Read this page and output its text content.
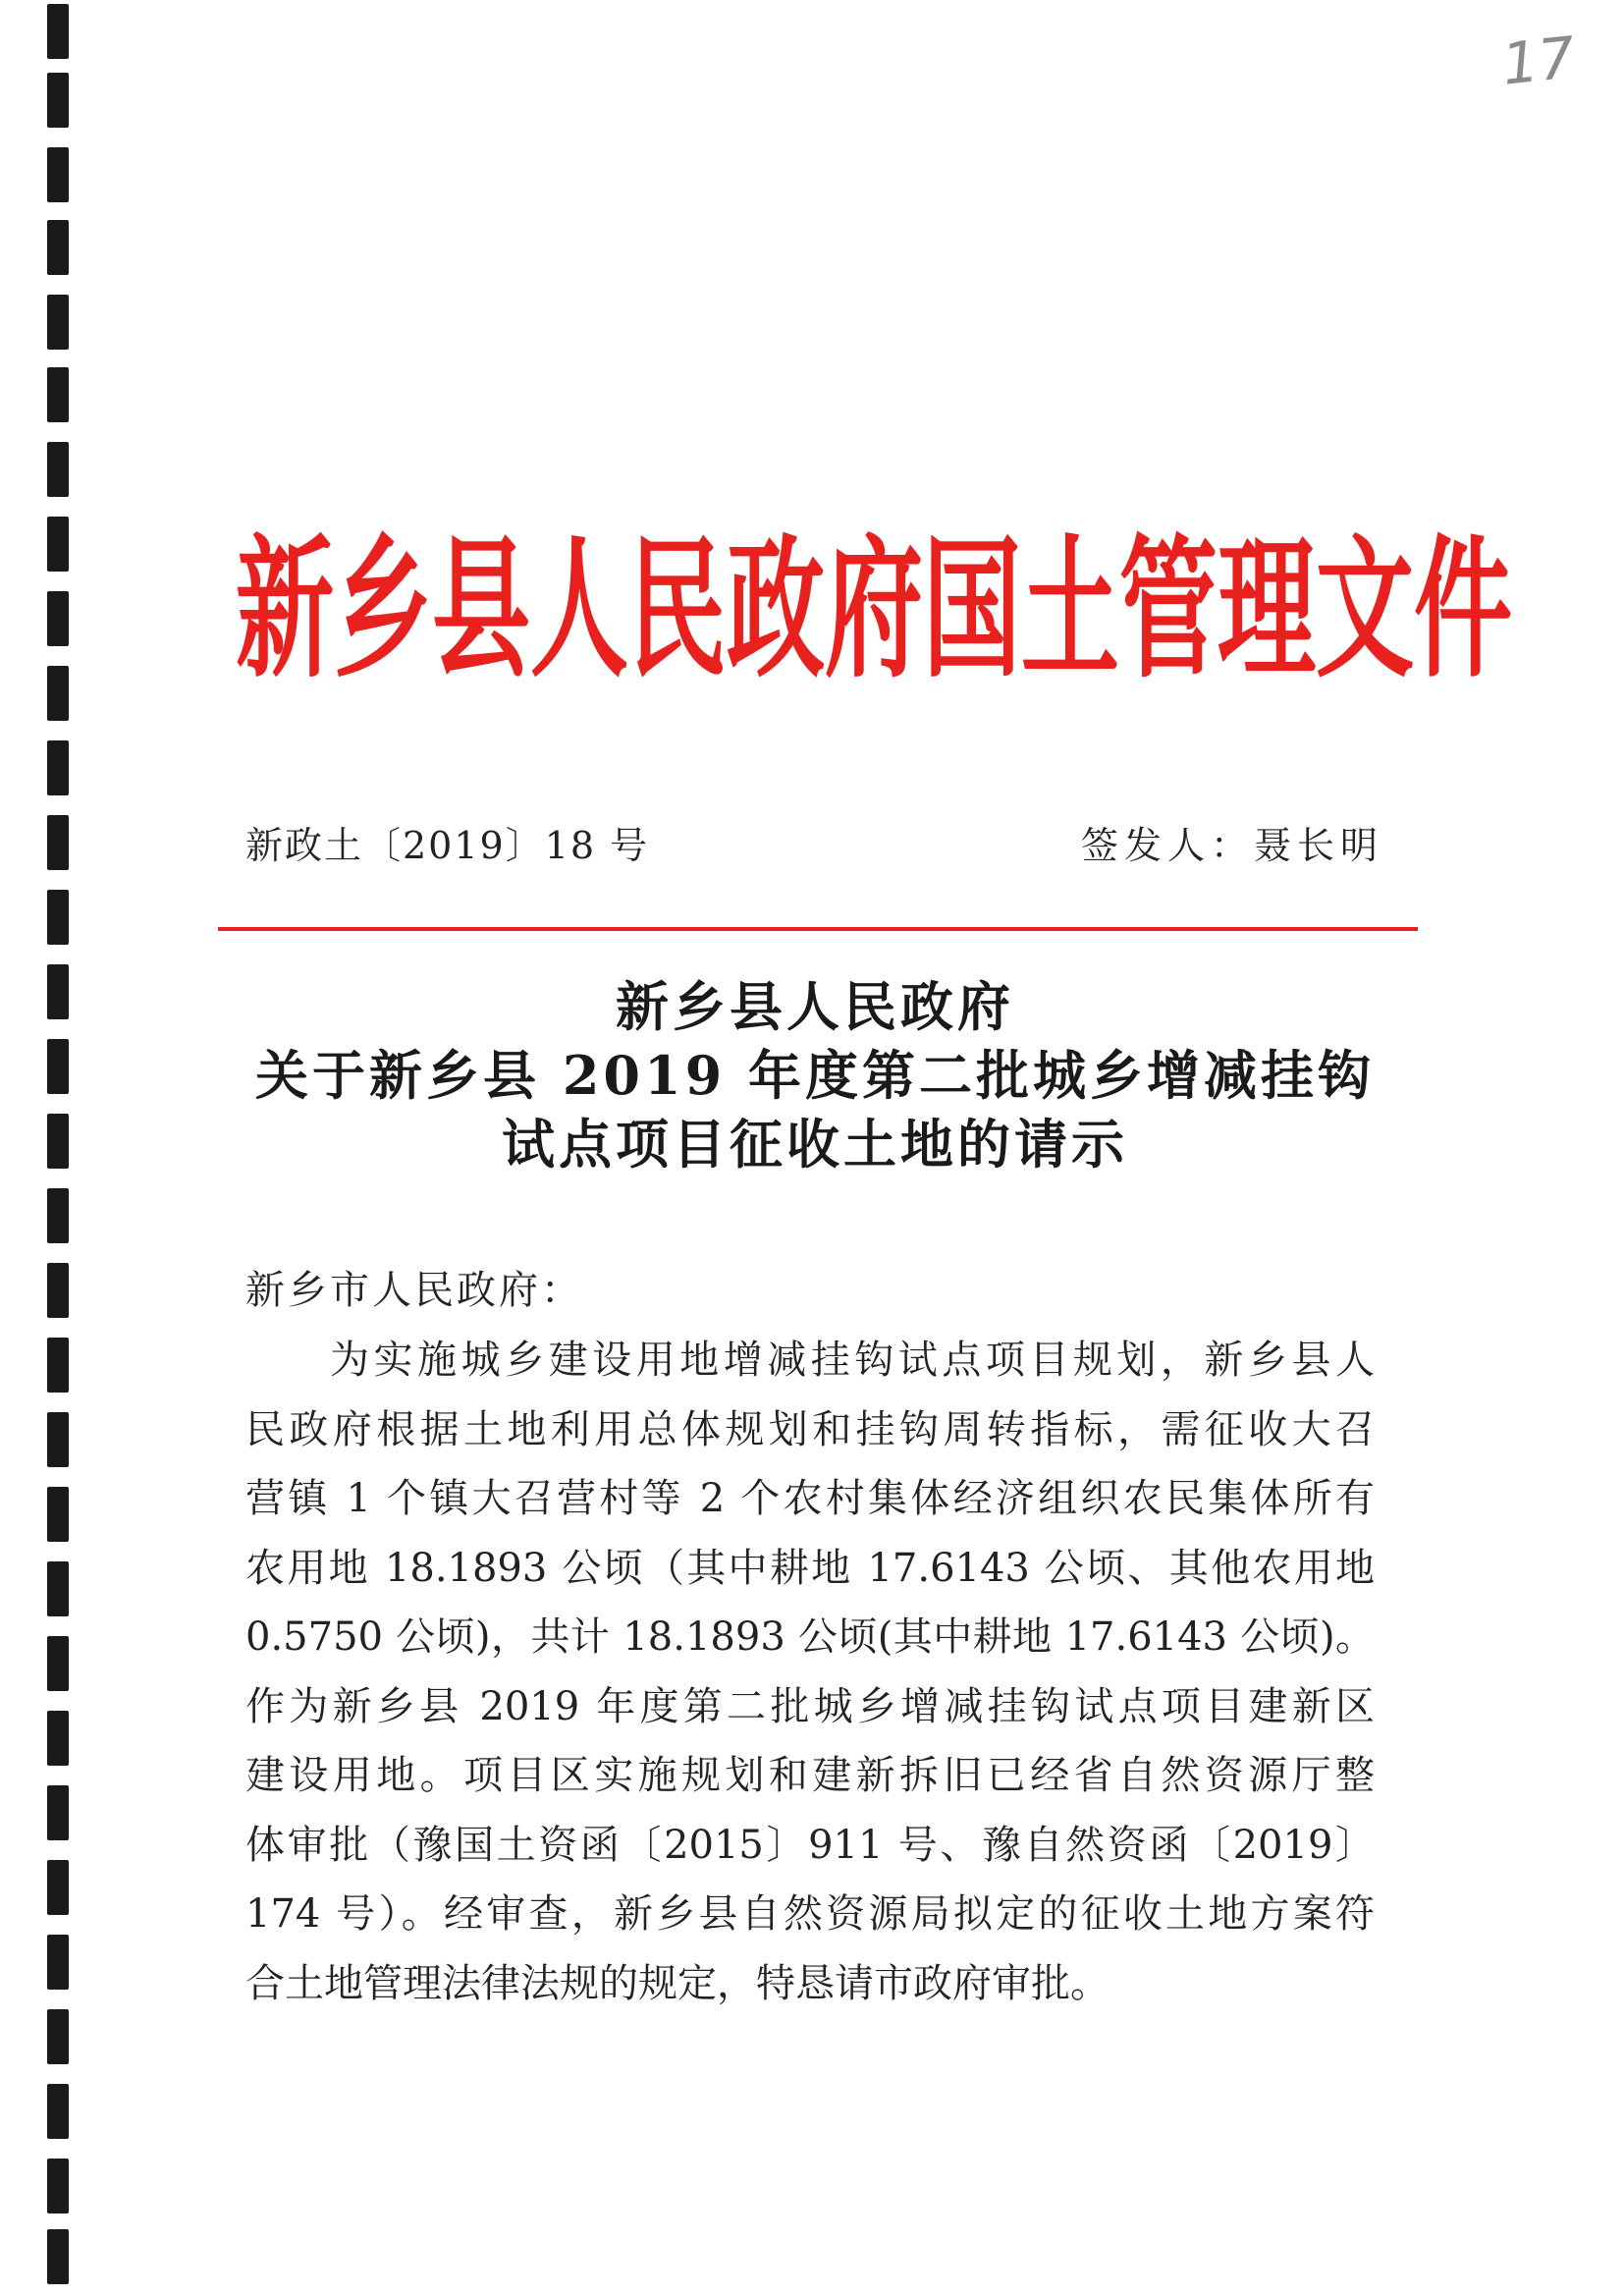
17
新乡县人民政府国土管理文件
新政土〔2019〕18 号	签发人：聂长明
新乡县人民政府
关于新乡县 2019 年度第二批城乡增减挂钩
试点项目征收土地的请示
新乡市人民政府：
为实施城乡建设用地增减挂钩试点项目规划，新乡县人
民政府根据土地利用总体规划和挂钩周转指标，需征收大召
营镇 1 个镇大召营村等 2 个农村集体经济组织农民集体所有
农用地 18.1893 公顷（其中耕地 17.6143 公顷、其他农用地
0.5750 公顷)，共计 18.1893 公顷(其中耕地 17.6143 公顷)。
作为新乡县 2019 年度第二批城乡增减挂钩试点项目建新区
建设用地。项目区实施规划和建新拆旧已经省自然资源厅整
体审批（豫国土资函〔2015〕911 号、豫自然资函〔2019〕
174 号）。经审查，新乡县自然资源局拟定的征收土地方案符
合土地管理法律法规的规定，特恳请市政府审批。
